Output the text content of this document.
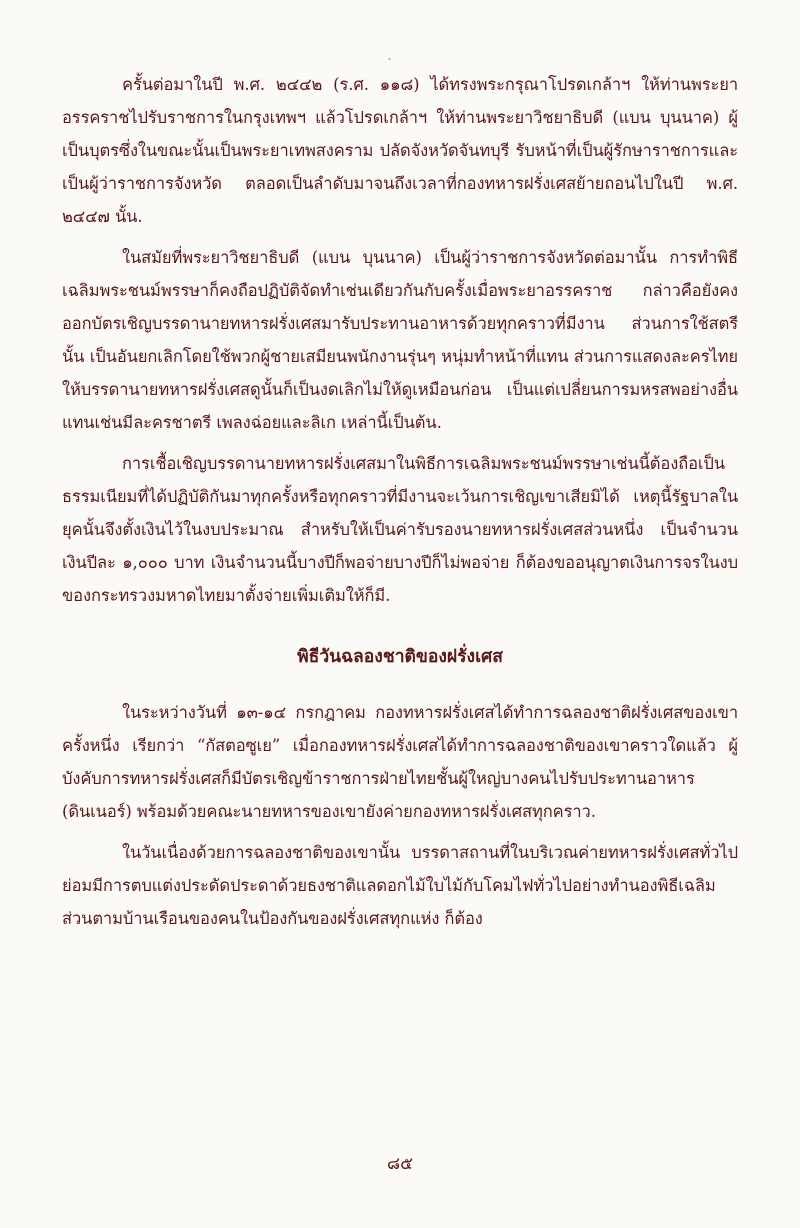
ครั้นต่อมาในปี พ.ศ. ๒๔๔๒ (ร.ศ. ๑๑๘) ได้ทรงพระกรุณาโปรดเกล้าฯ ให้ท่านพระยาอรรคราชไปรับราชการในกรุงเทพฯ แล้วโปรดเกล้าฯ ให้ท่านพระยาวิชยาธิบดี (แบน บุนนาค) ผู้เป็นบุตรซึ่งในขณะนั้นเป็นพระยาเทพสงคราม ปลัดจังหวัดจันทบุรี รับหน้าที่เป็นผู้รักษาราชการและเป็นผู้ว่าราชการจังหวัด ตลอดเป็นลำดับมาจนถึงเวลาที่กองทหารฝรั่งเศสย้ายถอนไปในปี พ.ศ. ๒๔๔๗ นั้น.

ในสมัยที่พระยาวิชยาธิบดี (แบน บุนนาค) เป็นผู้ว่าราชการจังหวัดต่อมานั้น การทำพิธีเฉลิมพระชนม์พรรษาก็คงถือปฏิบัติจัดทำเช่นเดียวกันกับครั้งเมื่อพระยาอรรคราช กล่าวคือยังคงออกบัตรเชิญบรรดานายทหารฝรั่งเศสมารับประทานอาหารด้วยทุกคราวที่มีงาน ส่วนการใช้สตรีนั้น เป็นอันยกเลิกโดยใช้พวกผู้ชายเสมียนพนักงานรุ่นๆ หนุ่มทำหน้าที่แทน ส่วนการแสดงละครไทยให้บรรดานายทหารฝรั่งเศสดูนั้นก็เป็นงดเลิกไม่ให้ดูเหมือนก่อน เป็นแต่เปลี่ยนการมหรสพอย่างอื่นแทนเช่นมีละครชาตรี เพลงฉ่อยและลิเก เหล่านี้เป็นต้น.

การเชื้อเชิญบรรดานายทหารฝรั่งเศสมาในพิธีการเฉลิมพระชนม์พรรษาเช่นนี้ต้องถือเป็นธรรมเนียมที่ได้ปฏิบัติกันมาทุกครั้งหรือทุกคราวที่มีงานจะเว้นการเชิญเขาเสียมิได้ เหตุนี้รัฐบาลในยุคนั้นจึงตั้งเงินไว้ในงบประมาณ สำหรับให้เป็นค่ารับรองนายทหารฝรั่งเศสส่วนหนึ่ง เป็นจำนวนเงินปีละ ๑,๐๐๐ บาท เงินจำนวนนี้บางปีก็พอจ่ายบางปีก็ไม่พอจ่าย ก็ต้องขออนุญาตเงินการจรในงบของกระทรวงมหาดไทยมาตั้งจ่ายเพิ่มเติมให้ก็มี.

พิธีวันฉลองชาติของฝรั่งเศส

ในระหว่างวันที่ ๑๓-๑๔ กรกฎาคม กองทหารฝรั่งเศสได้ทำการฉลองชาติฝรั่งเศสของเขาครั้งหนึ่ง เรียกว่า “กัสตอซูเย” เมื่อกองทหารฝรั่งเศสได้ทำการฉลองชาติของเขาคราวใดแล้ว ผู้บังคับการทหารฝรั่งเศสก็มีบัตรเชิญข้าราชการฝ่ายไทยชั้นผู้ใหญ่บางคนไปรับประทานอาหาร (ดินเนอร์) พร้อมด้วยคณะนายทหารของเขายังค่ายกองทหารฝรั่งเศสทุกคราว.

ในวันเนื่องด้วยการฉลองชาติของเขานั้น บรรดาสถานที่ในบริเวณค่ายทหารฝรั่งเศสทั่วไป ย่อมมีการตบแต่งประดัดประดาด้วยธงชาติแลดอกไม้ใบไม้กับโคมไฟทั่วไปอย่างทำนองพิธีเฉลิม ส่วนตามบ้านเรือนของคนในป้องกันของฝรั่งเศสทุกแห่ง ก็ต้อง

๘๕
